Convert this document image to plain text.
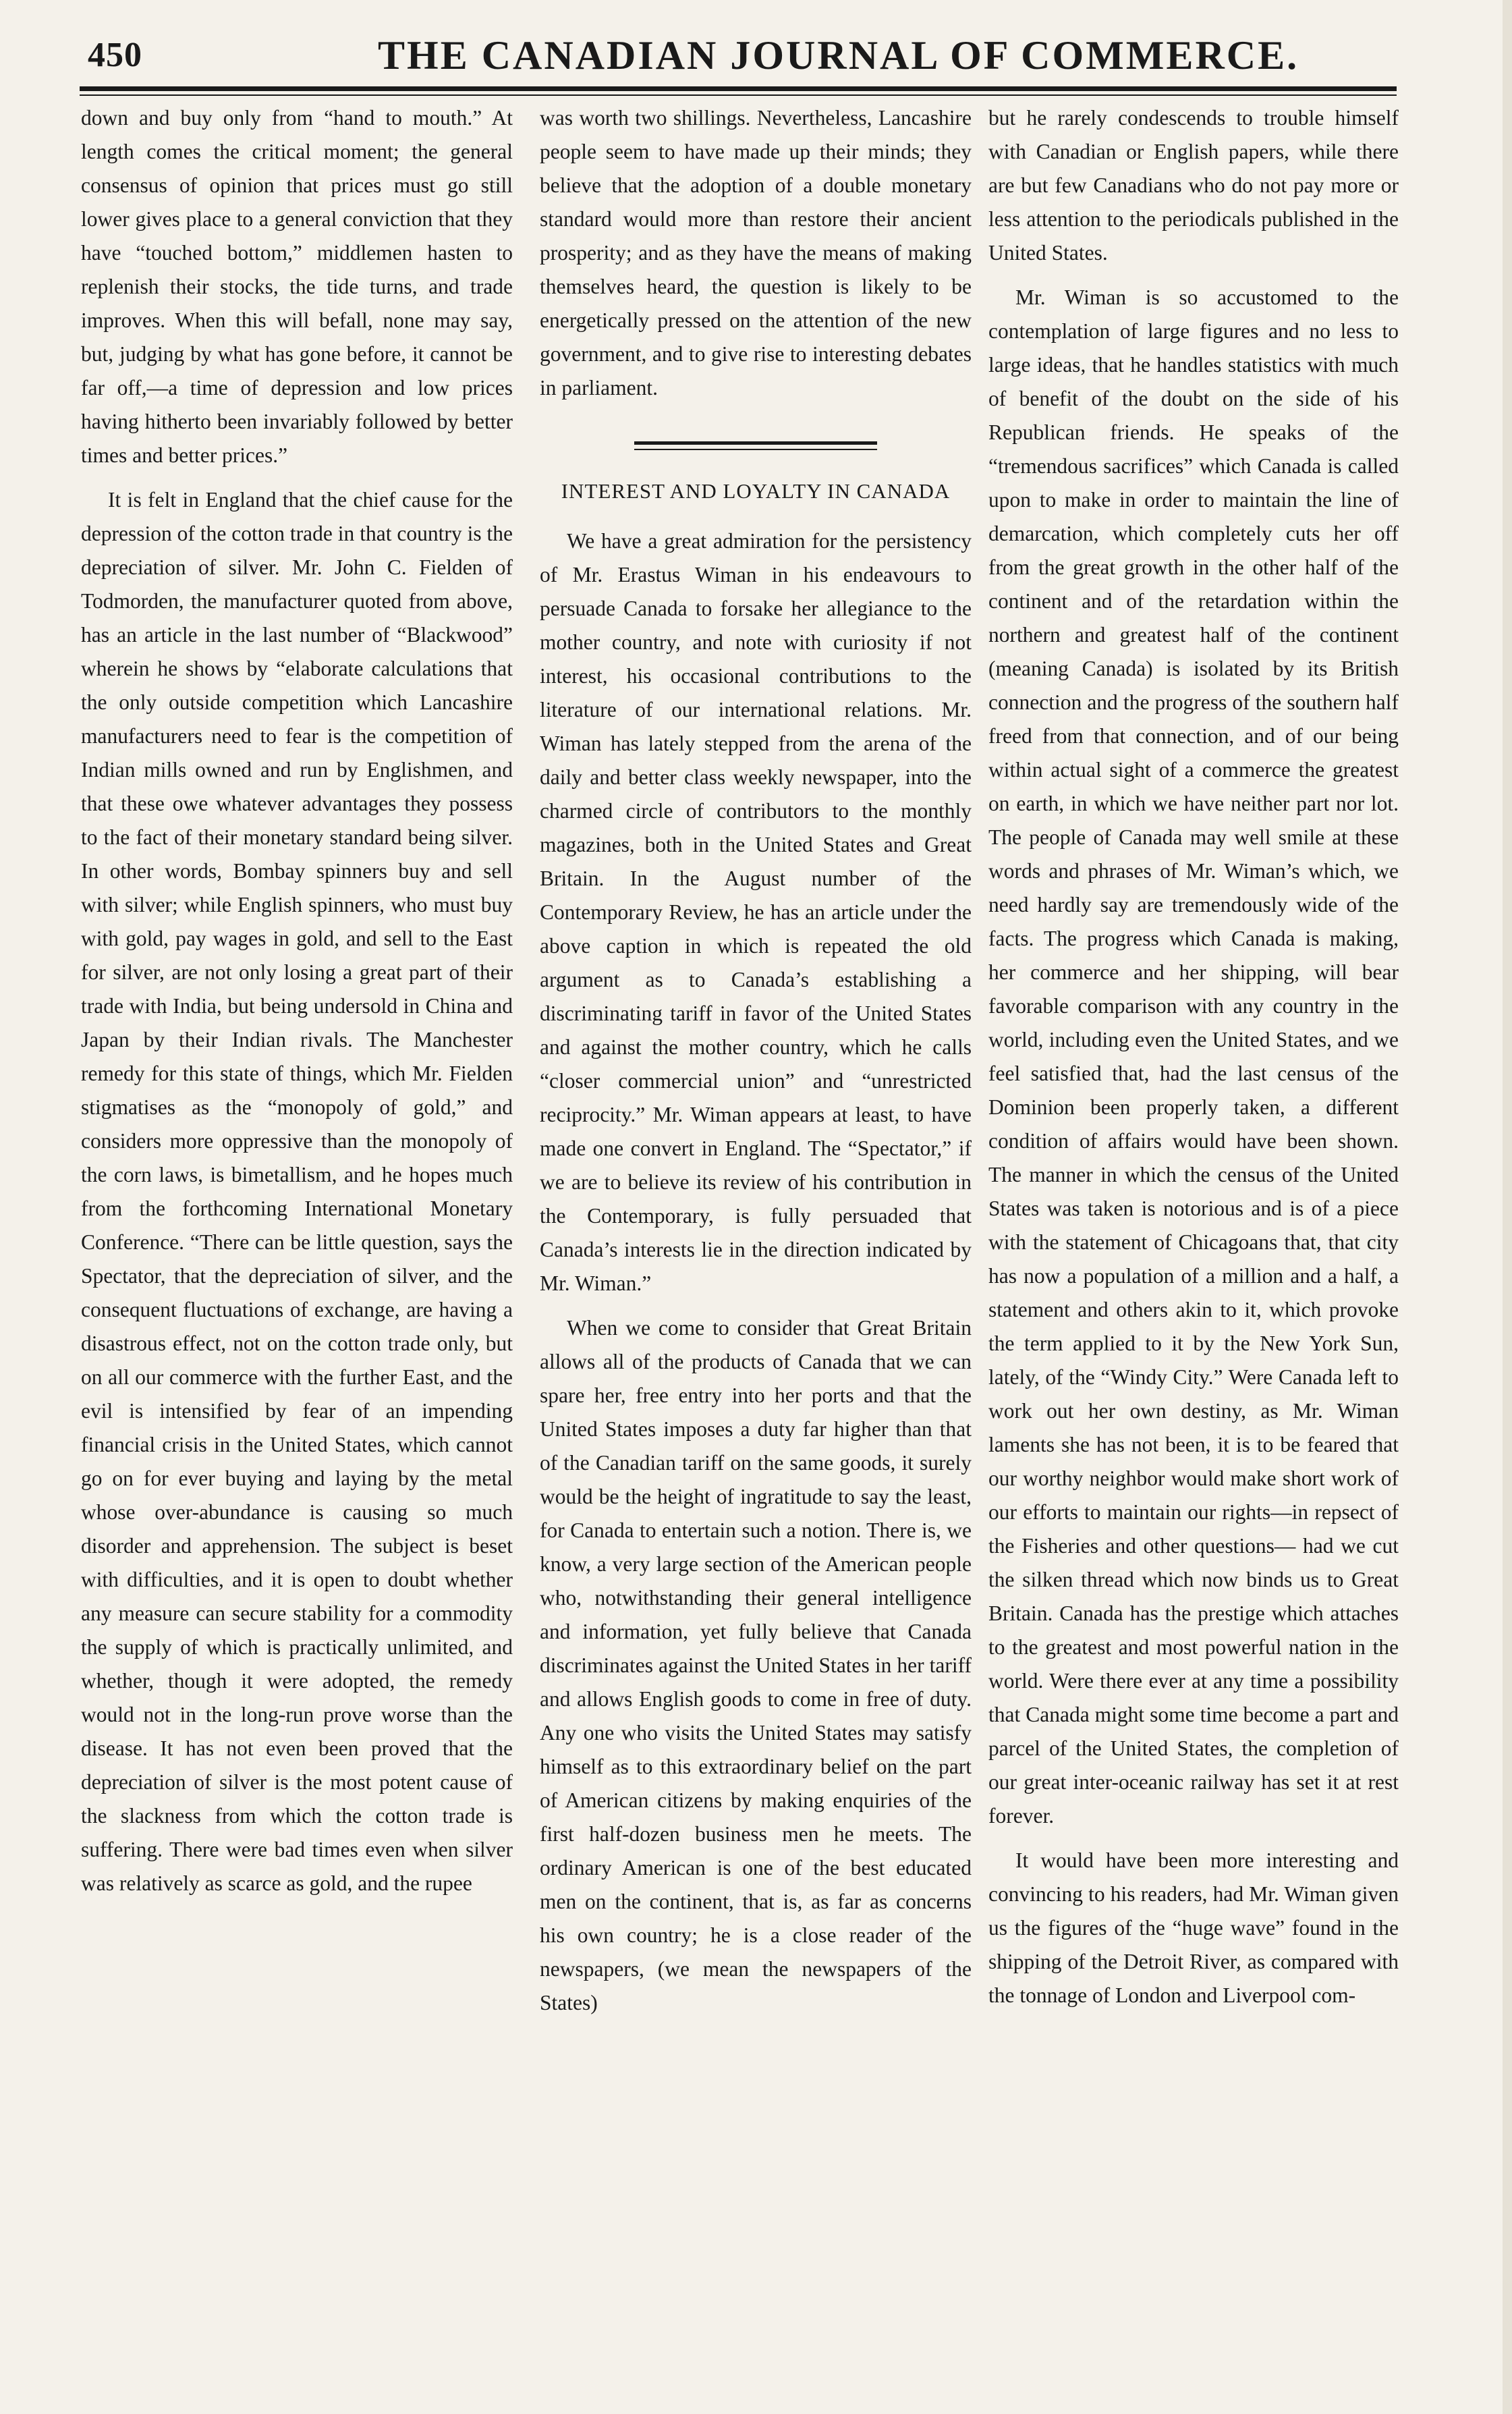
450	THE CANADIAN JOURNAL OF COMMERCE.

down and buy only from “hand to mouth.” At length comes the critical moment; the general consensus of opinion that prices must go still lower gives place to a general conviction that they have “touched bottom,” middlemen hasten to replenish their stocks, the tide turns, and trade improves. When this will befall, none may say, but, judging by what has gone before, it cannot be far off,—a time of depression and low prices having hitherto been invariably followed by better times and better prices.”

It is felt in England that the chief cause for the depression of the cotton trade in that country is the depreciation of silver. Mr. John C. Fielden of Todmorden, the manufacturer quoted from above, has an article in the last number of “Blackwood” wherein he shows by “elaborate calculations that the only outside competition which Lancashire manufacturers need to fear is the competition of Indian mills owned and run by Englishmen, and that these owe whatever advantages they possess to the fact of their monetary standard being silver. In other words, Bombay spinners buy and sell with silver; while English spinners, who must buy with gold, pay wages in gold, and sell to the East for silver, are not only losing a great part of their trade with India, but being undersold in China and Japan by their Indian rivals. The Manchester remedy for this state of things, which Mr. Fielden stigmatises as the “monopoly of gold,” and considers more oppressive than the monopoly of the corn laws, is bimetallism, and he hopes much from the forthcoming International Monetary Conference. “There can be little question, says the Spectator, that the depreciation of silver, and the consequent fluctuations of exchange, are having a disastrous effect, not on the cotton trade only, but on all our commerce with the further East, and the evil is intensified by fear of an impending financial crisis in the United States, which cannot go on for ever buying and laying by the metal whose over-abundance is causing so much disorder and apprehension. The subject is beset with difficulties, and it is open to doubt whether any measure can secure stability for a commodity the supply of which is practically unlimited, and whether, though it were adopted, the remedy would not in the long-run prove worse than the disease. It has not even been proved that the depreciation of silver is the most potent cause of the slackness from which the cotton trade is suffering. There were bad times even when silver was relatively as scarce as gold, and the rupee

was worth two shillings. Nevertheless, Lancashire people seem to have made up their minds; they believe that the adoption of a double monetary standard would more than restore their ancient prosperity; and as they have the means of making themselves heard, the question is likely to be energetically pressed on the attention of the new government, and to give rise to interesting debates in parliament.

INTEREST AND LOYALTY IN CANADA

We have a great admiration for the persistency of Mr. Erastus Wiman in his endeavours to persuade Canada to forsake her allegiance to the mother country, and note with curiosity if not interest, his occasional contributions to the literature of our international relations. Mr. Wiman has lately stepped from the arena of the daily and better class weekly newspaper, into the charmed circle of contributors to the monthly magazines, both in the United States and Great Britain. In the August number of the Contemporary Review, he has an article under the above caption in which is repeated the old argument as to Canada’s establishing a discriminating tariff in favor of the United States and against the mother country, which he calls “closer commercial union” and “unrestricted reciprocity.” Mr. Wiman appears at least, to have made one convert in England. The “Spectator,” if we are to believe its review of his contribution in the Contemporary, is fully persuaded that Canada’s interests lie in the direction indicated by Mr. Wiman.”

When we come to consider that Great Britain allows all of the products of Canada that we can spare her, free entry into her ports and that the United States imposes a duty far higher than that of the Canadian tariff on the same goods, it surely would be the height of ingratitude to say the least, for Canada to entertain such a notion. There is, we know, a very large section of the American people who, notwithstanding their general intelligence and information, yet fully believe that Canada discriminates against the United States in her tariff and allows English goods to come in free of duty. Any one who visits the United States may satisfy himself as to this extraordinary belief on the part of American citizens by making enquiries of the first half-dozen business men he meets. The ordinary American is one of the best educated men on the continent, that is, as far as concerns his own country; he is a close reader of the newspapers, (we mean the newspapers of the States)

but he rarely condescends to trouble himself with Canadian or English papers, while there are but few Canadians who do not pay more or less attention to the periodicals published in the United States.

Mr. Wiman is so accustomed to the contemplation of large figures and no less to large ideas, that he handles statistics with much of benefit of the doubt on the side of his Republican friends. He speaks of the “tremendous sacrifices” which Canada is called upon to make in order to maintain the line of demarcation, which completely cuts her off from the great growth in the other half of the continent and of the retardation within the northern and greatest half of the continent (meaning Canada) is isolated by its British connection and the progress of the southern half freed from that connection, and of our being within actual sight of a commerce the greatest on earth, in which we have neither part nor lot. The people of Canada may well smile at these words and phrases of Mr. Wiman’s which, we need hardly say are tremendously wide of the facts. The progress which Canada is making, her commerce and her shipping, will bear favorable comparison with any country in the world, including even the United States, and we feel satisfied that, had the last census of the Dominion been properly taken, a different condition of affairs would have been shown. The manner in which the census of the United States was taken is notorious and is of a piece with the statement of Chicagoans that, that city has now a population of a million and a half, a statement and others akin to it, which provoke the term applied to it by the New York Sun, lately, of the “Windy City.” Were Canada left to work out her own destiny, as Mr. Wiman laments she has not been, it is to be feared that our worthy neighbor would make short work of our efforts to maintain our rights—in repsect of the Fisheries and other questions— had we cut the silken thread which now binds us to Great Britain. Canada has the prestige which attaches to the greatest and most powerful nation in the world. Were there ever at any time a possibility that Canada might some time become a part and parcel of the United States, the completion of our great inter-oceanic railway has set it at rest forever.

It would have been more interesting and convincing to his readers, had Mr. Wiman given us the figures of the “huge wave” found in the shipping of the Detroit River, as compared with the tonnage of London and Liverpool com-
